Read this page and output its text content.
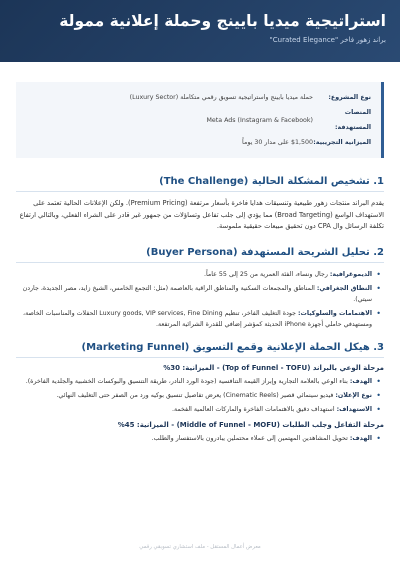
استراتيجية ميديا بايينج وحملة إعلانية ممولة
براند زهور فاخر "Curated Elegance"
نوع المشروع:
حملة ميديا بايينج واستراتيجية تسويق رقمي متكاملة (Luxury Sector)
المنصات المستهدفة:
Meta Ads (Instagram & Facebook)
الميزانية التجريبية:
$1,500 على مدار 30 يوماً
1. تشخيص المشكلة الحالية (The Challenge)

يقدم البراند منتجات زهور طبيعية وتنسيقات هدايا فاخرة بأسعار مرتفعة (Premium Pricing). ولكن الإعلانات الحالية تعتمد على الاستهداف الواسع (Broad Targeting) مما يؤدي إلى جلب تفاعل وتساؤلات من جمهور غير قادر على الشراء الفعلي، وبالتالي ارتفاع تكلفة الرسائل وال CPA دون تحقيق مبيعات حقيقية ملموسة.

2. تحليل الشريحة المستهدفة (Buyer Persona)
• الديموغرافية: رجال ونساء، الفئة العمرية من 25 إلى 55 عاماً.
• النطاق الجغرافي: المناطق والمجمعات السكنية والمناطق الراقية بالعاصمة (مثل: التجمع الخامس، الشيخ زايد، مصر الجديدة، جاردن سيتي).
• الاهتمامات والسلوكيات: جودة التغليف الفاخر، تنظيم Luxury goods, VIP services, Fine Dining الحفلات والمناسبات الخاصة، ومستهدفي حاملي أجهزة iPhone الحديثة كمؤشر إضافي للقدرة الشرائية المرتفعة.
3. هيكل الحملة الإعلانية وقمع التسويق (Marketing Funnel)
مرحلة الوعي بالبراند (Top of Funnel - TOFU) - الميزانية: 30%
• الهدف: بناء الوعي بالعلامة التجارية وإبراز القيمة التنافسية (جودة الورد النادر، طريقة التنسيق والبوكسات الخشبية والجلدية الفاخرة).
• نوع الإعلان: فيديو سينمائي قصير (Cinematic Reels) يعرض تفاصيل تنسيق بوكيه ورد من الصفر حتى التغليف النهائي.
• الاستهداف: استهداف دقيق بالاهتمامات الفاخرة والماركات العالمية الفخمة.
مرحلة التفاعل وجلب الطلبات (Middle of Funnel - MOFU) - الميزانية: 45%
• الهدف: تحويل المشاهدين المهتمين إلى عملاء محتملين يبادرون بالاستفسار والطلب.
معرض أعمال المستقل - ملف استشاري تسويقي رقمي
